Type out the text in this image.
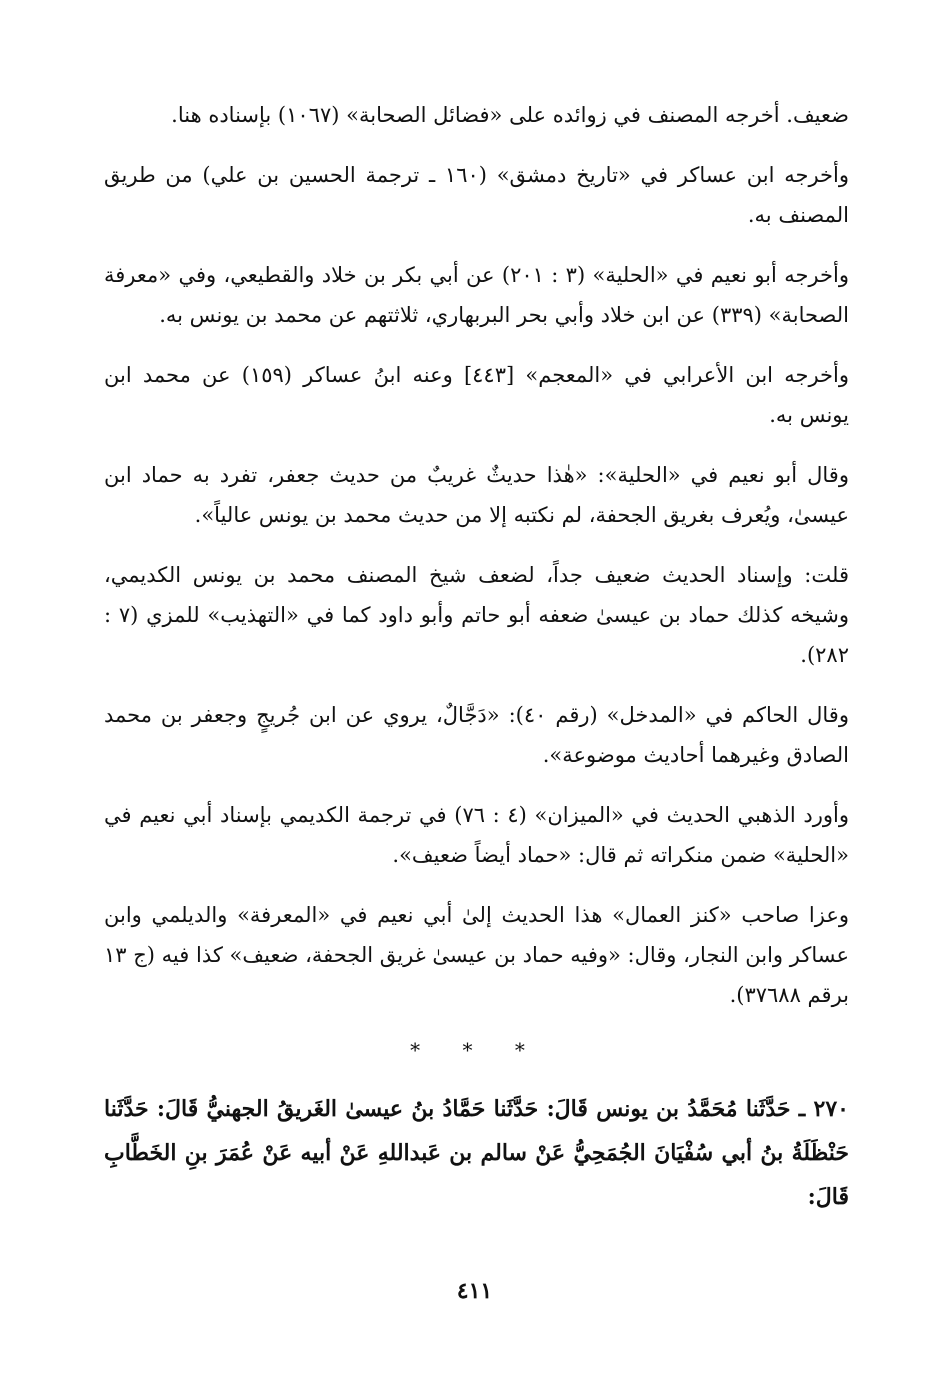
ضعيف. أخرجه المصنف في زوائده على «فضائل الصحابة» (١٠٦٧) بإسناده هنا.

وأخرجه ابن عساكر في «تاريخ دمشق» (١٦٠ ـ ترجمة الحسين بن علي) من طريق المصنف به.

وأخرجه أبو نعيم في «الحلية» (٣ : ٢٠١) عن أبي بكر بن خلاد والقطيعي، وفي «معرفة الصحابة» (٣٣٩) عن ابن خلاد وأبي بحر البربهاري، ثلاثتهم عن محمد بن يونس به.

وأخرجه ابن الأعرابي في «المعجم» [٤٤٣] وعنه ابنُ عساكر (١٥٩) عن محمد ابن يونس به.

وقال أبو نعيم في «الحلية»: «هٰذا حديثٌ غريبٌ من حديث جعفر، تفرد به حماد ابن عيسىٰ، ويُعرف بغريق الجحفة، لم نكتبه إلا من حديث محمد بن يونس عالياً».

قلت: وإسناد الحديث ضعيف جداً، لضعف شيخ المصنف محمد بن يونس الكديمي، وشيخه كذلك حماد بن عيسىٰ ضعفه أبو حاتم وأبو داود كما في «التهذيب» للمزي (٧ : ٢٨٢).

وقال الحاكم في «المدخل» (رقم ٤٠): «دَجَّالٌ، يروي عن ابن جُريجٍ وجعفر بن محمد الصادق وغيرهما أحاديث موضوعة».

وأورد الذهبي الحديث في «الميزان» (٤ : ٧٦) في ترجمة الكديمي بإسناد أبي نعيم في «الحلية» ضمن منكراته ثم قال: «حماد أيضاً ضعيف».

وعزا صاحب «كنز العمال» هذا الحديث إلىٰ أبي نعيم في «المعرفة» والديلمي وابن عساكر وابن النجار، وقال: «وفيه حماد بن عيسىٰ غريق الجحفة، ضعيف» كذا فيه (ج ١٣ برقم ٣٧٦٨٨).

* * *

٢٧٠ ـ حَدَّثَنا مُحَمَّدُ بن يونس قَالَ: حَدَّثَنا حَمَّادُ بنُ عيسىٰ الغَريقُ الجهنيُّ قَالَ: حَدَّثَنا حَنْظَلَةُ بنُ أبي سُفْيَانَ الجُمَحِيُّ عَنْ سالم بن عَبداللهِ عَنْ أبيه عَنْ عُمَرَ بنِ الخَطَّابِ قَالَ:

٤١١
